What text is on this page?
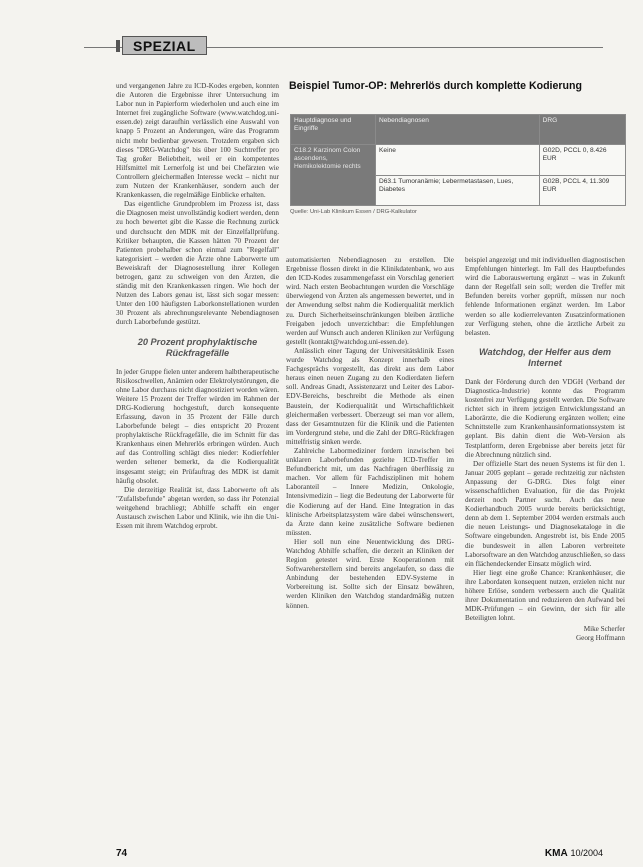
SPEZIAL

und vergangenen Jahre zu ICD-Kodes ergeben, konnten die Autoren die Ergebnisse ihrer Untersuchung im Labor nun in Papierform wiederholen und auch eine im Internet frei zugängliche Software (www.watchdog.uni-essen.de) zeigt daraufhin verlässlich eine Auswahl von knapp 5 Prozent an Änderungen, wäre das Programm nicht mehr bedienbar gewesen. Trotzdem ergaben sich dieses "DRG-Watchdog" bis über 100 Suchtreffer pro Tag großer Beliebtheit, weil er ein kompetentes Hilfsmittel mit Lernerfolg ist und bei Chefärzten wie Controllern gleichermaßen Interesse weckt – nicht nur zum Nutzen der Krankenhäuser, sondern auch der Krankenkassen, die regelmäßige Einblicke erhalten.

Das eigentliche Grundproblem im Prozess ist, dass die Diagnosen meist unvollständig kodiert werden, denn zu hoch bewertet gibt die Kasse die Rechnung zurück und durchsucht den MDK mit der Einzelfallprüfung. Kritiker behaupten, die Kassen hätten 70 Prozent der Patienten probehalber schon einmal zum "Regelfall" kategorisiert – werden die Ärzte ohne Laborwerte um Beweiskraft der Diagnosestellung ihrer Kollegen betrogen, ganz zu schweigen von den Ärzten, die ständig mit den Krankenkassen ringen. Wie hoch der Nutzen des Labors genau ist, lässt sich sogar messen: Unter den 100 häufigsten Laborkonstellationen wurden 30 Prozent als abrechnungsrelevante Nebendiagnosen durch Laborbefunde gestützt.

20 Prozent prophylaktische Rückfragefälle

In jeder Gruppe fielen unter anderem halbtherapeutische Risikoschwellen, Anämien oder Elektrolytstörungen, die ohne Labor durchaus nicht diagnostiziert worden wären. Weitere 15 Prozent der Treffer würden im Rahmen der DRG-Kodierung hochgestuft, durch konsequente Erfassung, davon in 35 Prozent der Fälle durch Laborbefunde belegt – dies entspricht 20 Prozent prophylaktische Rückfragefälle, die im Schnitt für das Krankenhaus einen Mehrerlös erbringen würden. Auch auf das Controlling schlägt dies nieder: Kodierfehler werden seltener bemerkt, da die Kodierqualität insgesamt steigt; ein Prüfauftrag des MDK ist damit häufig obsolet.

Die derzeitige Realität ist, dass Laborwerte oft als "Zufallsbefunde" abgetan werden, so dass ihr Potenzial weitgehend brachliegt; Abhilfe schafft ein enger Austausch zwischen Labor und Klinik, wie ihn die Uni-Essen mit ihrem Watchdog erprobt.

Beispiel Tumor-OP: Mehrerlös durch komplette Kodierung
Hauptdiagnose und Eingriffe	Nebendiagnosen	DRG
C18.2 Karzinom Colon ascendens, Hemikolektomie rechts	Keine	G02D, PCCL 0, 8.426 EUR
	D63.1 Tumoranämie; Lebermetastasen, Lues, Diabetes	G02B, PCCL 4, 11.309 EUR
Quelle: Uni-Lab Klinikum Essen / DRG-Kalkulator

automatisierten Nebendiagnosen zu erstellen. Die Ergebnisse flossen direkt in die Klinikdatenbank, wo aus den ICD-Kodes zusammengefasst ein Vorschlag generiert wird. Nach ersten Beobachtungen wurden die Vorschläge überwiegend von Ärzten als angemessen bewertet, und in der Anwendung selbst nahm die Kodierqualität merklich zu. Durch Sicherheitseinschränkungen bleiben ärztliche Freigaben jedoch unverzichtbar: die Empfehlungen werden auf Wunsch auch anderen Kliniken zur Verfügung gestellt (kontakt@watchdog.uni-essen.de).

Anlässlich einer Tagung der Universitätsklinik Essen wurde Watchdog als Konzept innerhalb eines Fachgesprächs vorgestellt, das direkt aus dem Labor heraus einen neuen Zugang zu den Kodierdaten liefern soll. Andreas Gnadt, Assistenzarzt und Leiter des Labor-EDV-Bereichs, beschreibt die Methode als einen Baustein, der Kodierqualität und Wirtschaftlichkeit gleichermaßen verbessert. Überzeugt sei man vor allem, dass der Gesamtnutzen für die Klinik und die Patienten im Vordergrund stehe, und die Zahl der DRG-Rückfragen mittelfristig sinken werde.

Zahlreiche Labormediziner fordern inzwischen bei unklaren Laborbefunden gezielte ICD-Treffer im Befundbericht mit, um das Nachfragen überflüssig zu machen. Vor allem für Fachdisziplinen mit hohem Laboranteil – Innere Medizin, Onkologie, Intensivmedizin – liegt die Bedeutung der Laborwerte für die Kodierung auf der Hand. Eine Integration in das klinische Arbeitsplatzsystem wäre dabei wünschenswert, da Ärzte dann keine zusätzliche Software bedienen müssten.

Hier soll nun eine Neuentwicklung des DRG-Watchdog Abhilfe schaffen, die derzeit an Kliniken der Region getestet wird. Erste Kooperationen mit Softwareherstellern sind bereits angelaufen, so dass die Anbindung der bestehenden EDV-Systeme in Vorbereitung ist. Sollte sich der Einsatz bewähren, werden Kliniken den Watchdog standardmäßig nutzen können.

beispiel angezeigt und mit individuellen diagnostischen Empfehlungen hinterlegt. Im Fall des Hauptbefundes wird die Laborauswertung ergänzt – was in Zukunft dann der Regelfall sein soll; werden die Treffer mit Befunden bereits vorher geprüft, müssen nur noch fehlende Informationen ergänzt werden. Im Labor werden so alle kodierrelevanten Zusatzinformationen zur Verfügung stehen, ohne die ärztliche Arbeit zu belasten.

Watchdog, der Helfer aus dem Internet

Dank der Förderung durch den VDGH (Verband der Diagnostica-Industrie) konnte das Programm kostenfrei zur Verfügung gestellt werden. Die Software richtet sich in ihrem jetzigen Entwicklungsstand an Laborärzte, die die Kodierung ergänzen wollen; eine Schnittstelle zum Krankenhausinformationssystem ist geplant. Bis dahin dient die Web-Version als Testplattform, deren Ergebnisse aber bereits jetzt für die Abrechnung nützlich sind.

Der offizielle Start des neuen Systems ist für den 1. Januar 2005 geplant – gerade rechtzeitig zur nächsten Anpassung der G-DRG. Dies folgt einer wissenschaftlichen Evaluation, für die das Projekt derzeit noch Partner sucht. Auch das neue Kodierhandbuch 2005 wurde bereits berücksichtigt, denn ab dem 1. September 2004 werden erstmals auch die neuen Leistungs- und Diagnosekataloge in die Software eingebunden. Angestrebt ist, bis Ende 2005 die bundesweit in allen Laboren verbreitete Laborsoftware an den Watchdog anzuschließen, so dass ein flächendeckender Einsatz möglich wird.

Hier liegt eine große Chance: Krankenhäuser, die ihre Labordaten konsequent nutzen, erzielen nicht nur höhere Erlöse, sondern verbessern auch die Qualität ihrer Dokumentation und reduzieren den Aufwand bei MDK-Prüfungen – ein Gewinn, der sich für alle Beteiligten lohnt.

Mike Scherfer
Georg Hoffmann
74	KMA 10/2004
